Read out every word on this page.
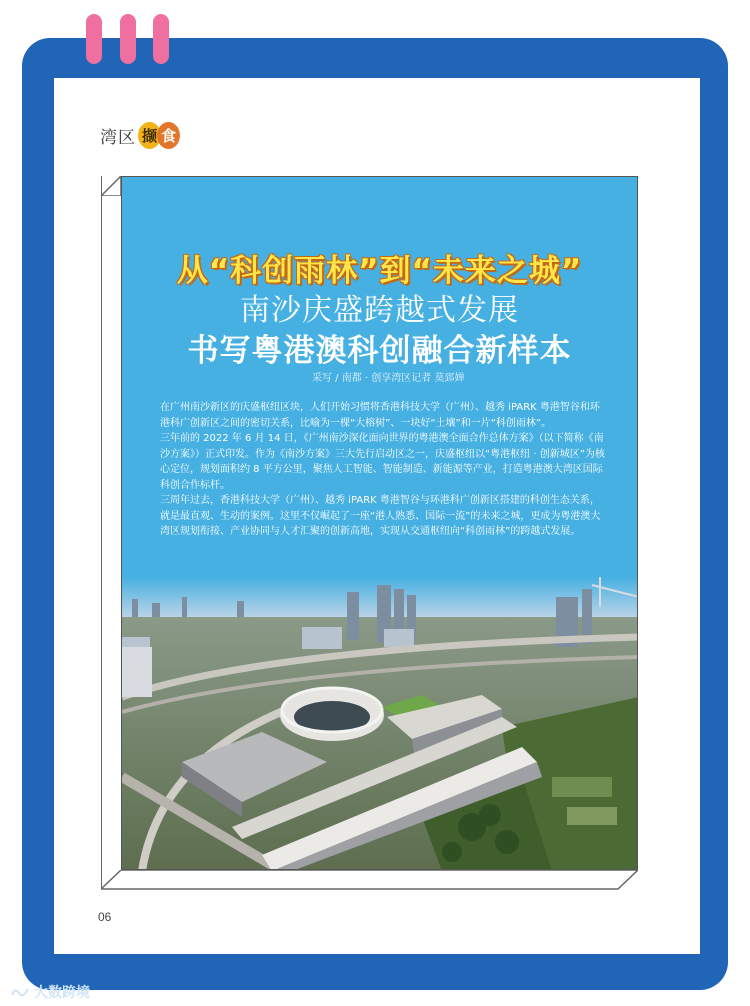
湾区 撷 食
从“科创雨林”到“未来之城”
南沙庆盛跨越式发展
书写粤港澳科创融合新样本
采写 / 南都 · 创享湾区记者 莫郅婵

在广州南沙新区的庆盛枢纽区块，人们开始习惯将香港科技大学（广州）、越秀 iPARK 粤港智谷和环港科广创新区之间的密切关系，比喻为一棵“大榕树”、一块好“土壤”和一片“科创雨林”。

三年前的 2022 年 6 月 14 日，《广州南沙深化面向世界的粤港澳全面合作总体方案》（以下简称《南沙方案》）正式印发。作为《南沙方案》三大先行启动区之一，庆盛枢纽以“粤港枢纽 · 创新城区”为核心定位，规划面积约 8 平方公里，聚焦人工智能、智能制造、新能源等产业，打造粤港澳大湾区国际科创合作标杆。

三周年过去，香港科技大学（广州）、越秀 iPARK 粤港智谷与环港科广创新区搭建的科创生态关系，就是最直观、生动的案例。这里不仅崛起了一座“港人熟悉、国际一流”的未来之城，更成为粤港澳大湾区规划衔接、产业协同与人才汇聚的创新高地，实现从交通枢纽向“科创雨林”的跨越式发展。

06
大数跨境
